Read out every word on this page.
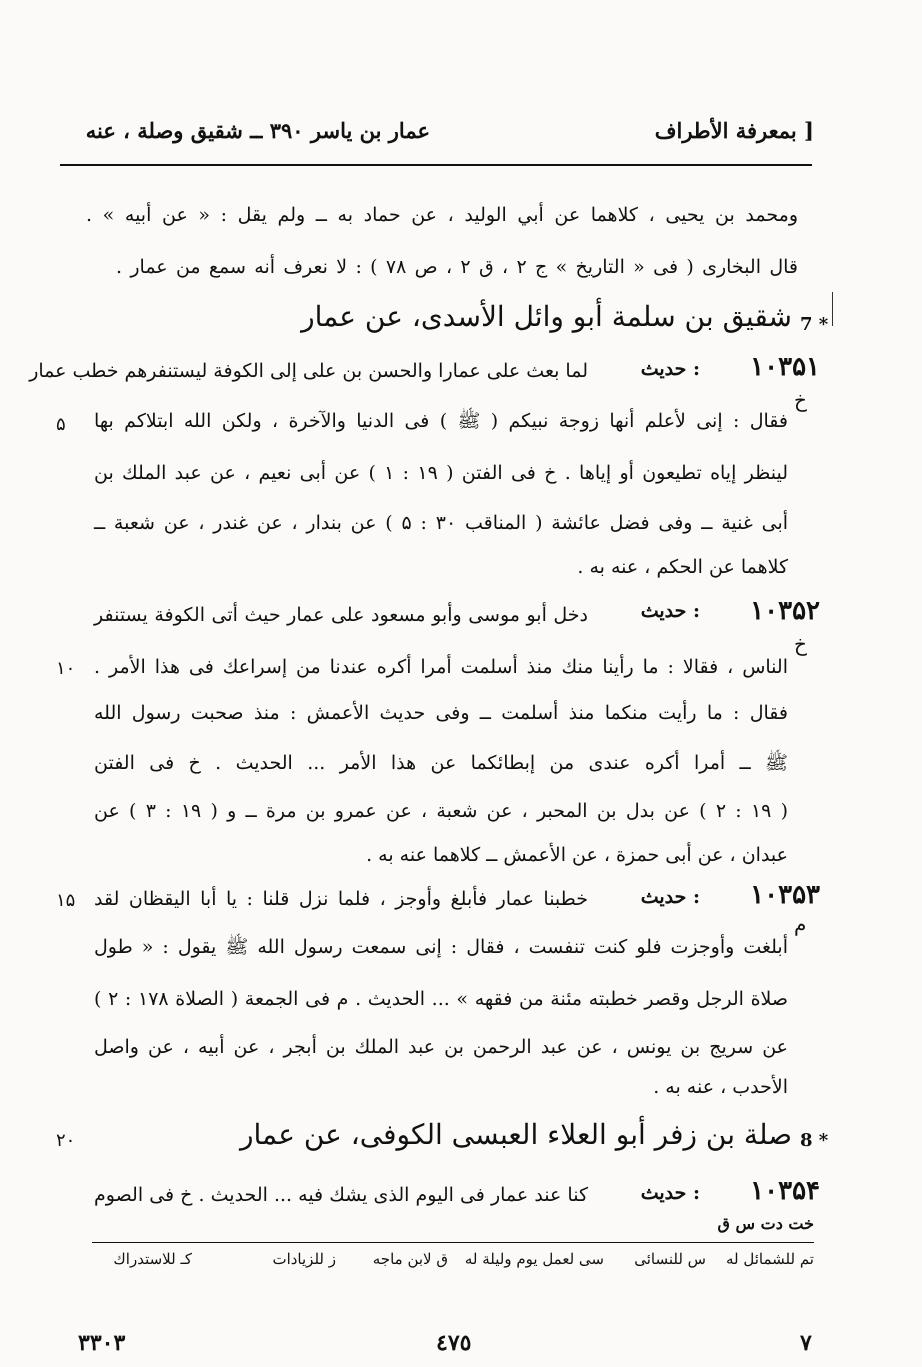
بمعرفة الأطراف ]
عمار بن ياسر ۳۹۰ ــ شقيق وصلة ، عنه
ومحمد بن يحيى ، كلاهما عن أبي الوليد ، عن حماد به ــ ولم يقل : « عن أبيه » .
قال البخارى ( فى « التاريخ » ج ۲ ، ق ۲ ، ص ۷۸ ) : لا نعرف أنه سمع من عمار .
7 *
شقيق بن سلمة أبو وائل الأسدى، عن عمار
۱۰۳۵۱
حديث :
خ
لما بعث على عمارا والحسن بن على إلى الكوفة ليستنفرهم خطب عمار
فقال : إنى لأعلم أنها زوجة نبيكم ( ﷺ ) فى الدنيا والآخرة ، ولكن الله ابتلاكم بها
لينظر إياه تطيعون أو إياها . خ فى الفتن ( ۱۹ : ۱ ) عن أبى نعيم ، عن عبد الملك بن
أبى غنية ــ وفى فضل عائشة ( المناقب ۳۰ : ۵ ) عن بندار ، عن غندر ، عن شعبة ــ
كلاهما عن الحكم ، عنه به .
۱۰۳۵۲
حديث :
خ
دخل أبو موسى وأبو مسعود على عمار حيث أتى الكوفة يستنفر
الناس ، فقالا : ما رأينا منك منذ أسلمت أمرا أكره عندنا من إسراعك فى هذا الأمر .
فقال : ما رأيت منكما منذ أسلمت ــ وفى حديث الأعمش : منذ صحبت رسول الله
ﷺ ــ أمرا أكره عندى من إبطائكما عن هذا الأمر ... الحديث . خ فى الفتن
( ۱۹ : ۲ ) عن بدل بن المحبر ، عن شعبة ، عن عمرو بن مرة ــ و ( ۱۹ : ۳ ) عن
عبدان ، عن أبى حمزة ، عن الأعمش ــ كلاهما عنه به .
۱۰۳۵۳
حديث :
م
خطبنا عمار فأبلغ وأوجز ، فلما نزل قلنا : يا أبا اليقظان لقد
أبلغت وأوجزت فلو كنت تنفست ، فقال : إنى سمعت رسول الله ﷺ يقول : « طول
صلاة الرجل وقصر خطبته مئنة من فقهه » ... الحديث . م فى الجمعة ( الصلاة ۱۷۸ : ۲ )
عن سريج بن يونس ، عن عبد الرحمن بن عبد الملك بن أبجر ، عن أبيه ، عن واصل
الأحدب ، عنه به .
8 *
صلة بن زفر أبو العلاء العبسى الكوفى، عن عمار
۱۰۳۵۴
حديث :
كنا عند عمار فى اليوم الذى يشك فيه ... الحديث . خ فى الصوم
خت دت س ق
۵
۱۰
۱۵
۲۰
تم للشمائل له
س للنسائى
سى لعمل يوم وليلة له
ق لابن ماجه
ز للزيادات
كـ للاستدراك
۳۳۰۳	٤٧٥	٧
